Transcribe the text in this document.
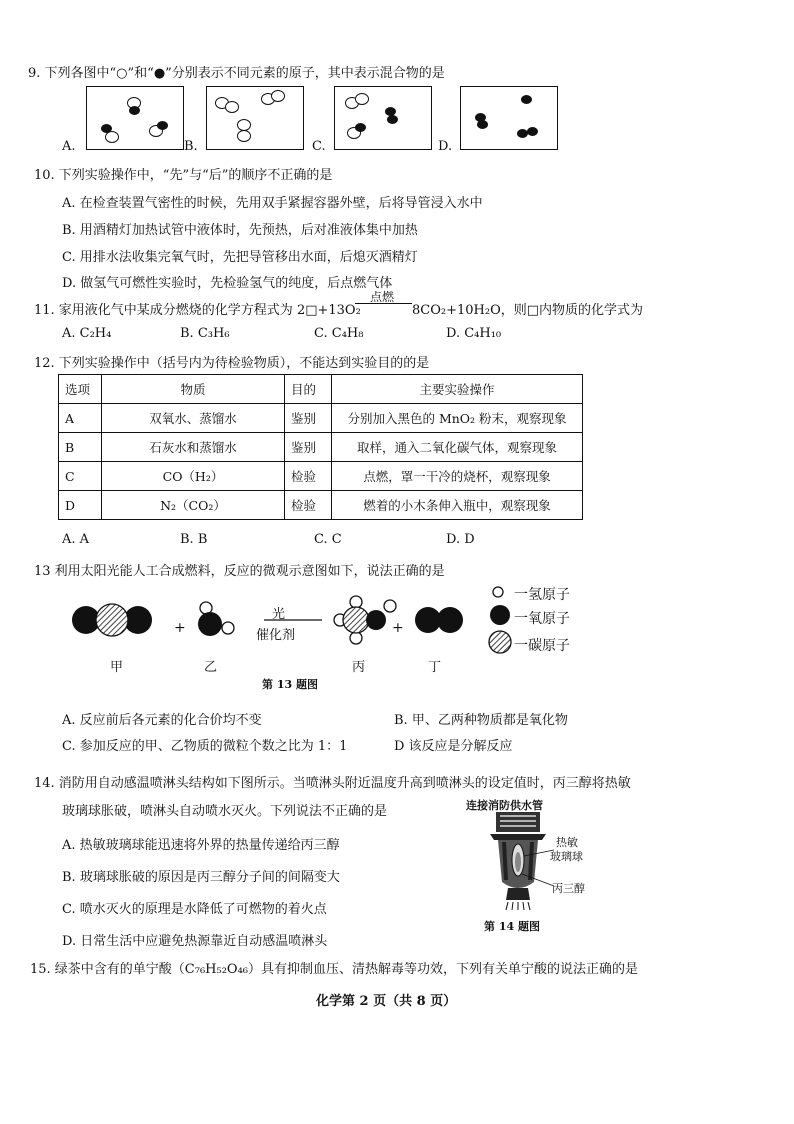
9. 下列各图中“○”和“●”分别表示不同元素的原子，其中表示混合物的是
A.	B.	C.	D.
10. 下列实验操作中，“先”与“后”的顺序不正确的是
A. 在检查装置气密性的时候，先用双手紧握容器外壁，后将导管浸入水中
B. 用酒精灯加热试管中液体时，先预热，后对准液体集中加热
C. 用排水法收集完氧气时，先把导管移出水面，后熄灭酒精灯
D. 做氢气可燃性实验时，先检验氢气的纯度，后点燃气体
11. 家用液化气中某成分燃烧的化学方程式为 2□+13O₂
点燃
8CO₂+10H₂O，则□内物质的化学式为
A. C₂H₄	B. C₃H₆	C. C₄H₈	D. C₄H₁₀
12. 下列实验操作中（括号内为待检验物质），不能达到实验目的的是
选项	物质	目的	主要实验操作
A	双氧水、蒸馏水	鉴别	分别加入黑色的 MnO₂ 粉末，观察现象
B	石灰水和蒸馏水	鉴别	取样，通入二氧化碳气体，观察现象
C	CO（H₂）	检验	点燃，罩一干冷的烧杯，观察现象
D	N₂（CO₂）	检验	燃着的小木条伸入瓶中，观察现象
A. A	B. B	C. C	D. D
13 利用太阳光能人工合成燃料，反应的微观示意图如下，说法正确的是
+	+
光
催化剂
甲	乙	丙	丁
一氢原子
一氧原子
一碳原子
第 13 题图
A. 反应前后各元素的化合价均不变	B. 甲、乙两种物质都是氧化物
C. 参加反应的甲、乙物质的微粒个数之比为 1：1	D 该反应是分解反应
14. 消防用自动感温喷淋头结构如下图所示。当喷淋头附近温度升高到喷淋头的设定值时，丙三醇将热敏
玻璃球胀破，喷淋头自动喷水灭火。下列说法不正确的是
A. 热敏玻璃球能迅速将外界的热量传递给丙三醇
B. 玻璃球胀破的原因是丙三醇分子间的间隔变大
C. 喷水灭火的原理是水降低了可燃物的着火点
D. 日常生活中应避免热源靠近自动感温喷淋头
连接消防供水管
热敏
玻璃球
丙三醇
第 14 题图
15. 绿茶中含有的单宁酸（C₇₆H₅₂O₄₆）具有抑制血压、清热解毒等功效，下列有关单宁酸的说法正确的是
化学第 2 页（共 8 页）
